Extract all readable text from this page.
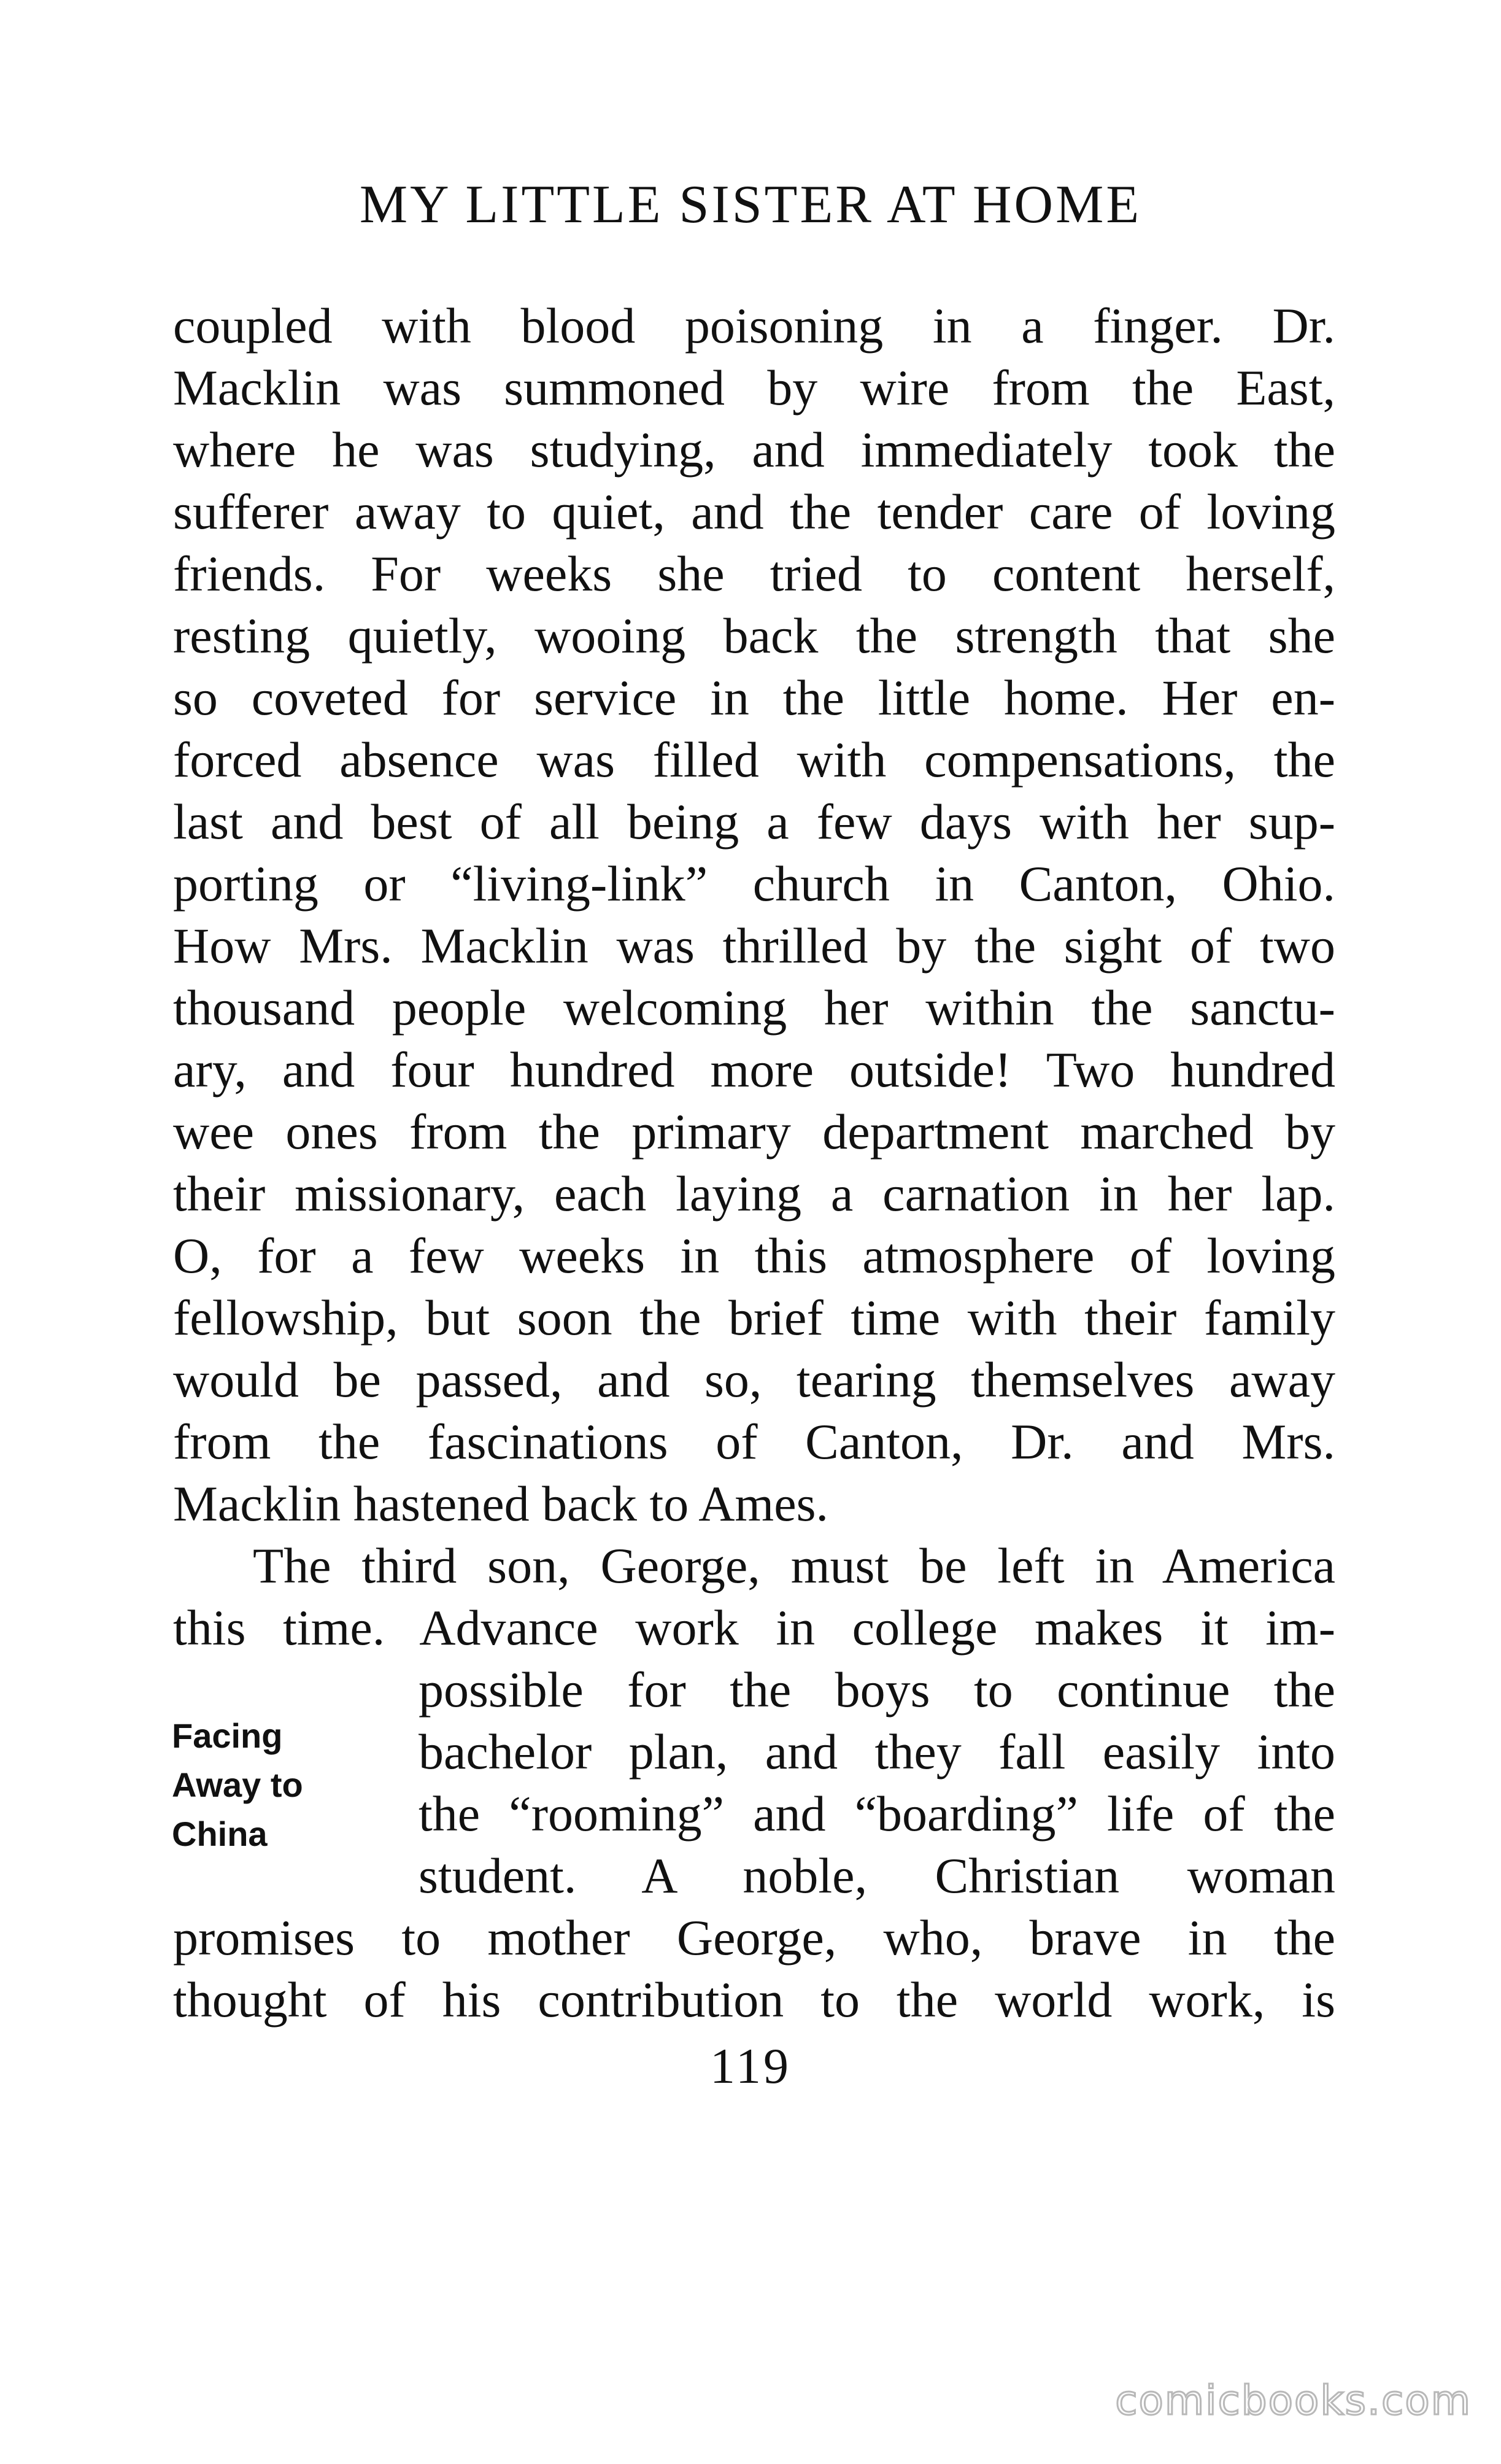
MY LITTLE SISTER AT HOME
coupled with blood poisoning in a finger. Dr.
Macklin was summoned by wire from the East,
where he was studying, and immediately took the
sufferer away to quiet, and the tender care of loving
friends. For weeks she tried to content herself,
resting quietly, wooing back the strength that she
so coveted for service in the little home. Her en-
forced absence was filled with compensations, the
last and best of all being a few days with her sup-
porting or “living-link” church in Canton, Ohio.
How Mrs. Macklin was thrilled by the sight of two
thousand people welcoming her within the sanctu-
ary, and four hundred more outside! Two hundred
wee ones from the primary department marched by
their missionary, each laying a carnation in her lap.
O, for a few weeks in this atmosphere of loving
fellowship, but soon the brief time with their family
would be passed, and so, tearing themselves away
from the fascinations of Canton, Dr. and Mrs.
Macklin hastened back to Ames.
The third son, George, must be left in America
this time. Advance work in college makes it im-
possible for the boys to continue the
bachelor plan, and they fall easily into
the “rooming” and “boarding” life of the
student. A noble, Christian woman
promises to mother George, who, brave in the
thought of his contribution to the world work, is
Facing
Away to
China
119
comicbooks.com
